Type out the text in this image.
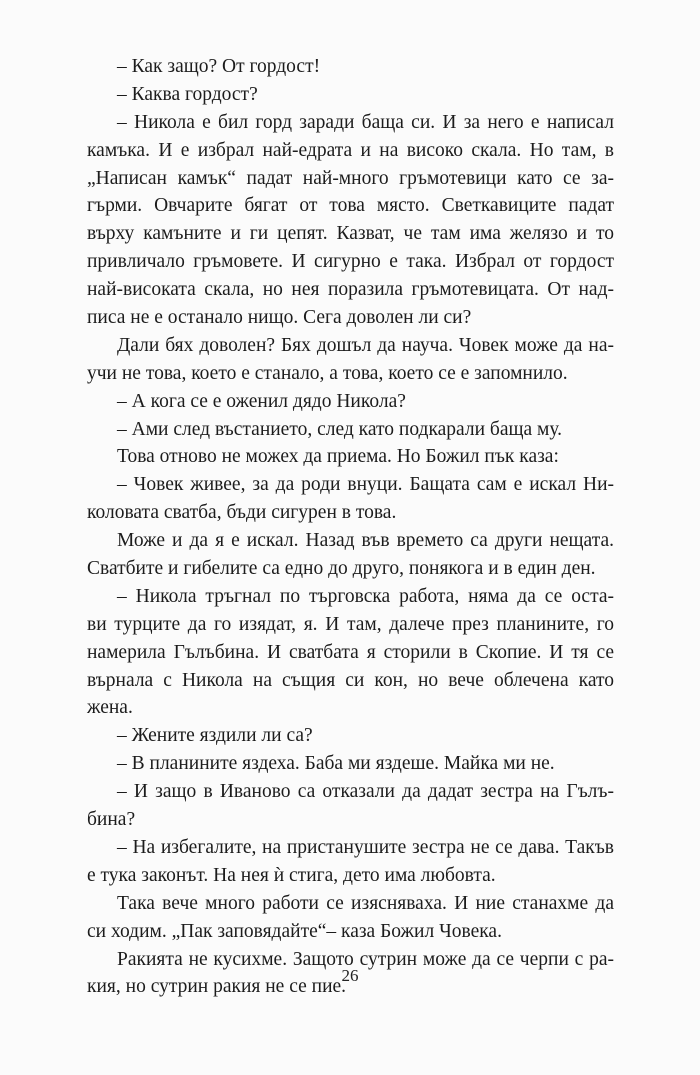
– Как защо? От гордост!
– Каква гордост?
– Никола е бил горд заради баща си. И за него е написал
камъка. И е избрал най-едрата и на високо скала. Но там, в
„Написан камък“ падат най-много гръмотевици като се за-
гърми. Овчарите бягат от това място. Светкавиците падат
върху камъните и ги цепят. Казват, че там има желязо и то
привличало гръмовете. И сигурно е така. Избрал от гордост
най-високата скала, но нея поразила гръмотевицата. От над-
писа не е останало нищо. Сега доволен ли си?
Дали бях доволен? Бях дошъл да науча. Човек може да на-
учи не това, което е станало, а това, което се е запомнило.
– А кога се е оженил дядо Никола?
– Ами след въстанието, след като подкарали баща му.
Това отново не можех да приема. Но Божил пък каза:
– Човек живее, за да роди внуци. Бащата сам е искал Ни-
коловата сватба, бъди сигурен в това.
Може и да я е искал. Назад във времето са други нещата.
Сватбите и гибелите са едно до друго, понякога и в един ден.
– Никола тръгнал по търговска работа, няма да се оста-
ви турците да го изядат, я. И там, далече през планините, го
намерила Гълъбина. И сватбата я сторили в Скопие. И тя се
върнала с Никола на същия си кон, но вече облечена като
жена.
– Жените яздили ли са?
– В планините яздеха. Баба ми яздеше. Майка ми не.
– И защо в Иваново са отказали да дадат зестра на Гълъ-
бина?
– На избегалите, на пристанушите зестра не се дава. Такъв
е тука законът. На нея ѝ стига, дето има любовта.
Така вече много работи се изясняваха. И ние станахме да
си ходим. „Пак заповядайте“– каза Божил Човека.
Ракията не кусихме. Защото сутрин може да се черпи с ра-
кия, но сутрин ракия не се пие.
26
